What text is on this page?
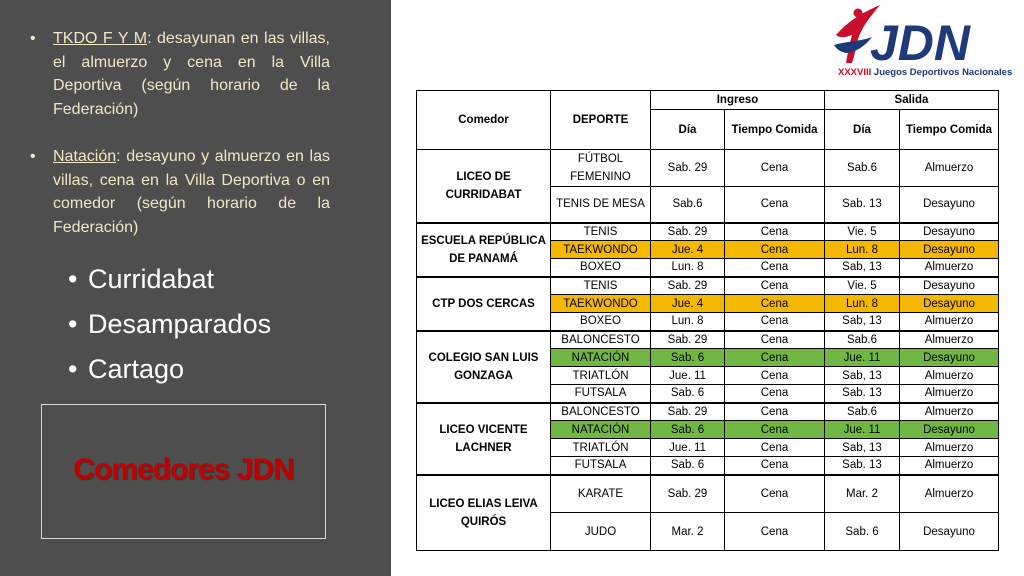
• TKDO F Y M: desayunan en las villas, el almuerzo y cena en la Villa Deportiva (según horario de la Federación)
• Natación: desayuno y almuerzo en las villas, cena en la Villa Deportiva o en comedor (según horario de la Federación)
• Curridabat
• Desamparados
• Cartago
Comedores JDN
JDN
XXXVIII Juegos Deportivos Nacionales
Comedor	DEPORTE	Ingreso		Salida	
		Día	Tiempo Comida	Día	Tiempo Comida
LICEO DE CURRIDABAT	FÚTBOL FEMENINO	Sab. 29	Cena	Sab.6	Almuerzo
	TENIS DE MESA	Sab.6	Cena	Sab. 13	Desayuno
ESCUELA REPÚBLICA DE PANAMÁ	TENIS	Sab. 29	Cena	Vie. 5	Desayuno
	TAEKWONDO	Jue. 4	Cena	Lun. 8	Desayuno
	BOXEO	Lun. 8	Cena	Sab, 13	Almuerzo
CTP DOS CERCAS	TENIS	Sab. 29	Cena	Vie. 5	Desayuno
	TAEKWONDO	Jue. 4	Cena	Lun. 8	Desayuno
	BOXEO	Lun. 8	Cena	Sab, 13	Almuerzo
COLEGIO SAN LUIS GONZAGA	BALONCESTO	Sab. 29	Cena	Sab.6	Almuerzo
	NATACIÓN	Sab. 6	Cena	Jue. 11	Desayuno
	TRIATLÓN	Jue. 11	Cena	Sab, 13	Almuerzo
	FUTSALA	Sab. 6	Cena	Sab. 13	Almuerzo
LICEO VICENTE LACHNER	BALONCESTO	Sab. 29	Cena	Sab.6	Almuerzo
	NATACIÓN	Sab. 6	Cena	Jue. 11	Desayuno
	TRIATLÓN	Jue. 11	Cena	Sab, 13	Almuerzo
	FUTSALA	Sab. 6	Cena	Sab. 13	Almuerzo
LICEO ELIAS LEIVA QUIRÓS	KARATE	Sab. 29	Cena	Mar. 2	Almuerzo
	JUDO	Mar. 2	Cena	Sab. 6	Desayuno
